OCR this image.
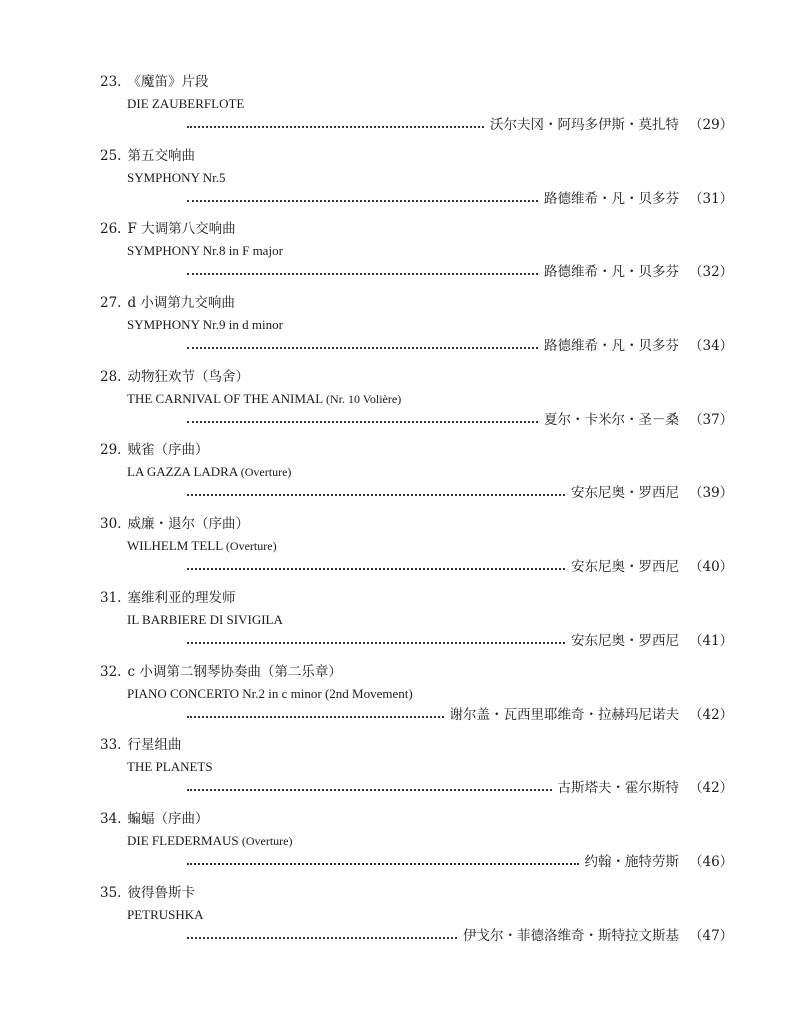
23. 《魔笛》片段
DIE ZAUBERFLOTE
沃尔夫冈・阿玛多伊斯・莫扎特 （29）
25. 第五交响曲
SYMPHONY Nr.5
路德维希・凡・贝多芬 （31）
26. F 大调第八交响曲
SYMPHONY Nr.8 in F major
路德维希・凡・贝多芬 （32）
27. d 小调第九交响曲
SYMPHONY Nr.9 in d minor
路德维希・凡・贝多芬 （34）
28. 动物狂欢节（鸟舍）
THE CARNIVAL OF THE ANIMAL (Nr. 10 Volière)
夏尔・卡米尔・圣－桑 （37）
29. 贼雀（序曲）
LA GAZZA LADRA (Overture)
安东尼奥・罗西尼 （39）
30. 威廉・退尔（序曲）
WILHELM TELL (Overture)
安东尼奥・罗西尼 （40）
31. 塞维利亚的理发师
IL BARBIERE DI SIVIGILA
安东尼奥・罗西尼 （41）
32. c 小调第二钢琴协奏曲（第二乐章）
PIANO CONCERTO Nr.2 in c minor (2nd Movement)
谢尔盖・瓦西里耶维奇・拉赫玛尼诺夫 （42）
33. 行星组曲
THE PLANETS
古斯塔夫・霍尔斯特 （42）
34. 蝙蝠（序曲）
DIE FLEDERMAUS (Overture)
约翰・施特劳斯 （46）
35. 彼得鲁斯卡
PETRUSHKA
伊戈尔・菲德洛维奇・斯特拉文斯基 （47）
